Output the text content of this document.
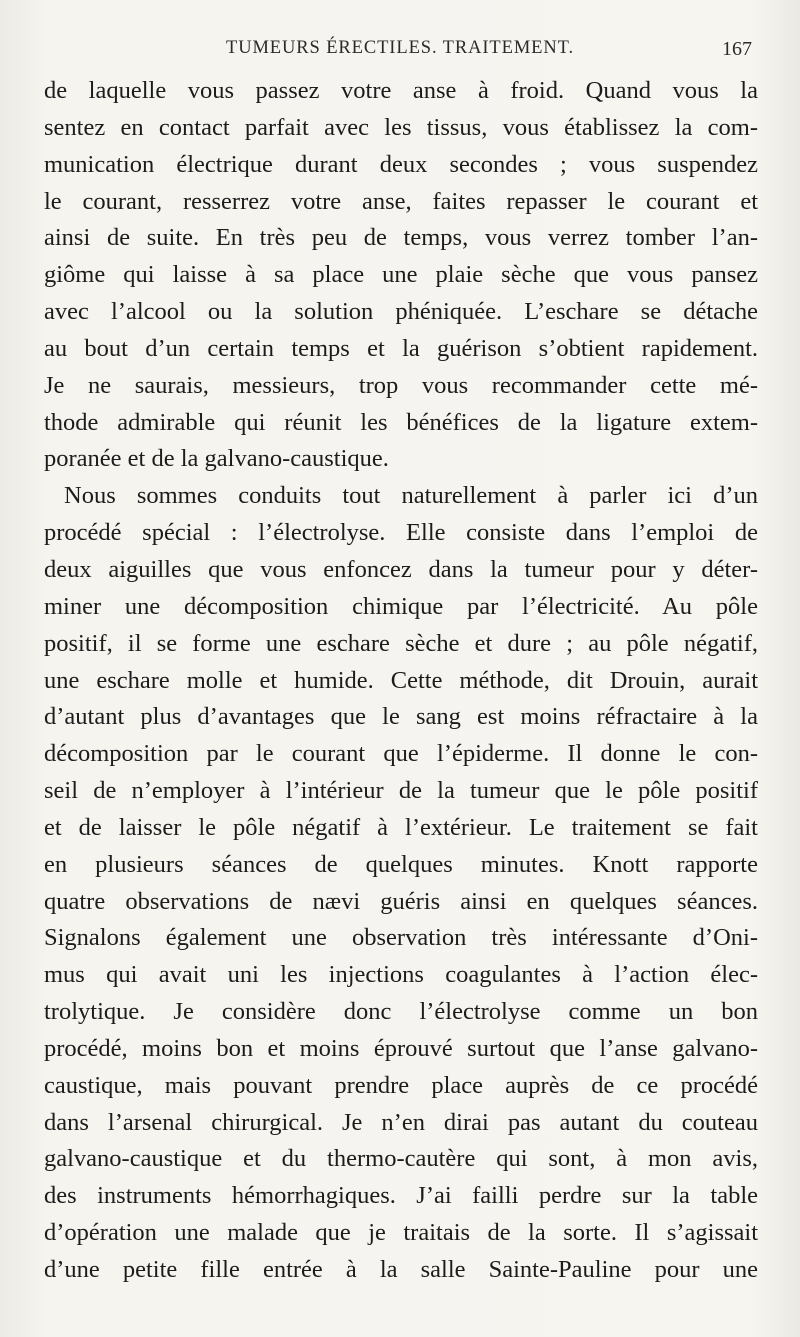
TUMEURS ÉRECTILES. TRAITEMENT.	167
de laquelle vous passez votre anse à froid. Quand vous la
sentez en contact parfait avec les tissus, vous établissez la com-
munication électrique durant deux secondes ; vous suspendez
le courant, resserrez votre anse, faites repasser le courant et
ainsi de suite. En très peu de temps, vous verrez tomber l’an-
giôme qui laisse à sa place une plaie sèche que vous pansez
avec l’alcool ou la solution phéniquée. L’eschare se détache
au bout d’un certain temps et la guérison s’obtient rapidement.
Je ne saurais, messieurs, trop vous recommander cette mé-
thode admirable qui réunit les bénéfices de la ligature extem-
poranée et de la galvano-caustique.
Nous sommes conduits tout naturellement à parler ici d’un
procédé spécial : l’électrolyse. Elle consiste dans l’emploi de
deux aiguilles que vous enfoncez dans la tumeur pour y déter-
miner une décomposition chimique par l’électricité. Au pôle
positif, il se forme une eschare sèche et dure ; au pôle négatif,
une eschare molle et humide. Cette méthode, dit Drouin, aurait
d’autant plus d’avantages que le sang est moins réfractaire à la
décomposition par le courant que l’épiderme. Il donne le con-
seil de n’employer à l’intérieur de la tumeur que le pôle positif
et de laisser le pôle négatif à l’extérieur. Le traitement se fait
en plusieurs séances de quelques minutes. Knott rapporte
quatre observations de nævi guéris ainsi en quelques séances.
Signalons également une observation très intéressante d’Oni-
mus qui avait uni les injections coagulantes à l’action élec-
trolytique. Je considère donc l’électrolyse comme un bon
procédé, moins bon et moins éprouvé surtout que l’anse galvano-
caustique, mais pouvant prendre place auprès de ce procédé
dans l’arsenal chirurgical. Je n’en dirai pas autant du couteau
galvano-caustique et du thermo-cautère qui sont, à mon avis,
des instruments hémorrhagiques. J’ai failli perdre sur la table
d’opération une malade que je traitais de la sorte. Il s’agissait
d’une petite fille entrée à la salle Sainte-Pauline pour une
